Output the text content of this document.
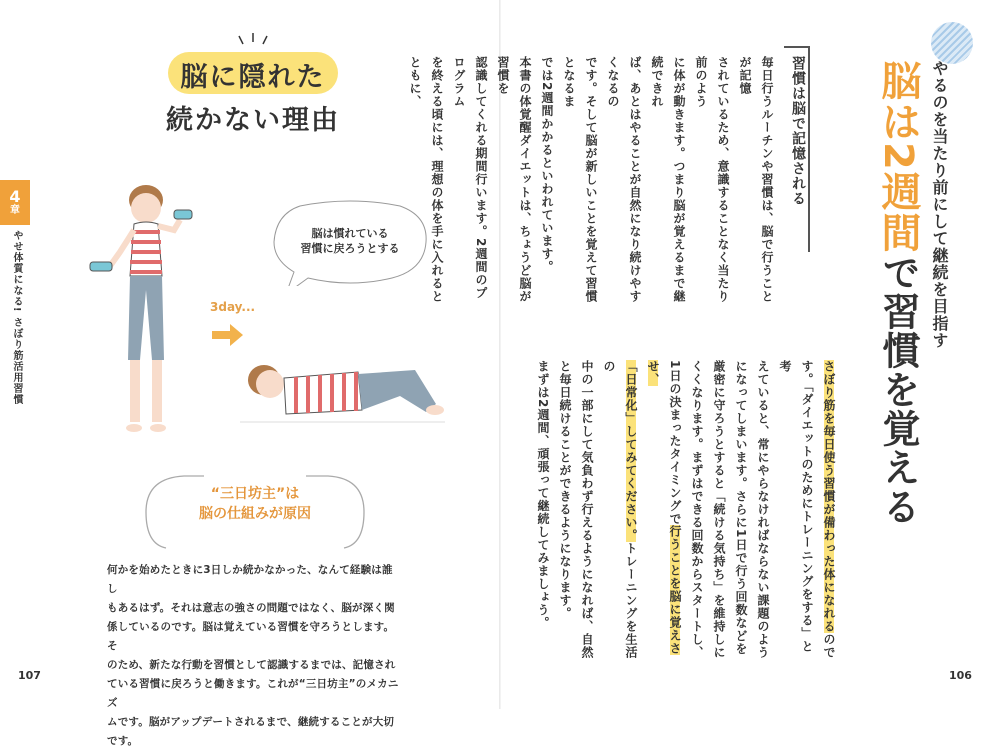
4
章
やせ体質になる! さぼり筋活用習慣
脳に隠れた
続かない理由
3day...
脳は慣れている
習慣に戻ろうとする
“三日坊主”は
脳の仕組みが原因
何かを始めたときに3日しか続かなかった、なんて経験は誰し
もあるはず。それは意志の強さの問題ではなく、脳が深く関
係しているのです。脳は覚えている習慣を守ろうとします。そ
のため、新たな行動を習慣として認識するまでは、記憶され
ている習慣に戻ろうと働きます。これが“三日坊主”のメカニズ
ムです。脳がアップデートされるまで、継続することが大切です。
107
やるのを当たり前にして継続を目指す
脳は2週間で習慣を覚える
習慣は脳で記憶される
毎日行うルーチンや習慣は、脳で行うことが記憶
されているため、意識することなく当たり前のよう
に体が動きます。つまり脳が覚えるまで継続できれ
ば、あとはやることが自然になり続けやすくなるの
です。そして脳が新しいことを覚えて習慣となるま
では2週間かかるといわれています。
本書の体覚醒ダイエットは、ちょうど脳が習慣を
認識してくれる期間行います。2週間のプログラム
を終える頃には、理想の体を手に入れるとともに、
さぼり筋を毎日使う習慣が備わった体になれるので
す。「ダイエットのためにトレーニングをする」と考
えていると、常にやらなければならない課題のよう
になってしまいます。さらに1日で行う回数などを
厳密に守ろうとすると「続ける気持ち」を維持しに
くくなります。まずはできる回数からスタートし、
1日の決まったタイミングで行うことを脳に覚えさせ、
「日常化」してみてください。トレーニングを生活の
中の一部にして気負わず行えるようになれば、自然
と毎日続けることができるようになります。
まずは2週間、頑張って継続してみましょう。
106
